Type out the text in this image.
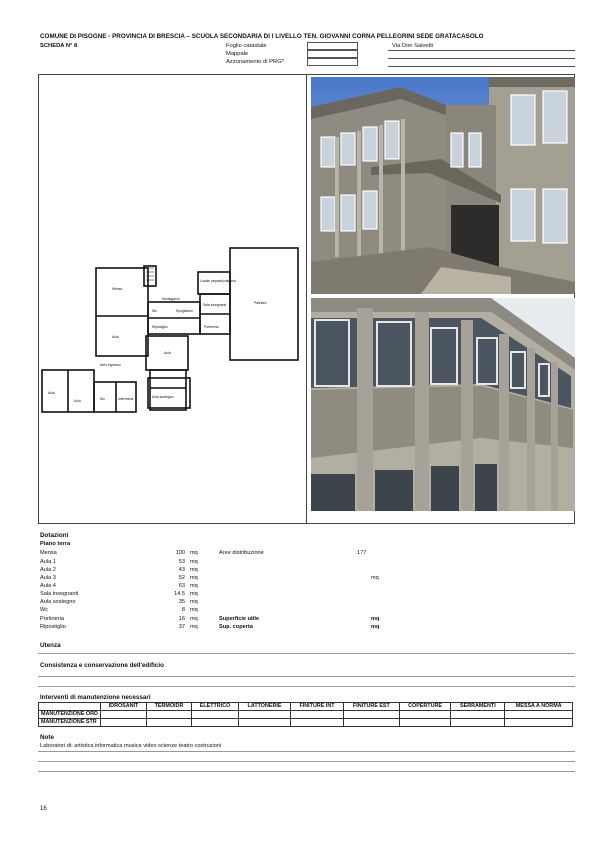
COMUNE DI PISOGNE - PROVINCIA DI BRESCIA – SCUOLA SECONDARIA DI I LIVELLO TEN. GIOVANNI CORNA PELLEGRINI SEDE GRATACASOLO
SCHEDA N° 8	Foglio catastale
Mappale
Azzonamento di PRG*
Via Don Salvetti
Mensa
Aula
Palestra
Montagarch
Wc	Spogliatoio
Ripostiglio
Sala insegnanti
Locale depositi palestra
Aula
Atrio ingresso
Aula sostegno
Portineria
Aula
Aula	Wc	Infermeria
Dotazioni
Piano terra
Mensa	100 mq
Aula 1	53 mq
Aula 2	43 mq
Aula 3	52 mq
Aula 4	63 mq
Sala insegnanti	14.5 mq
Aula sostegno	35 mq
Wc	8 mq
Portineria	16 mq
Ripostiglio	37 mq
Aree distribuzione	177
mq
Superficie utile	mq
Sup. coperta	mq
Utenza
Consistenza e conservazione dell'edificio
Interventi di manutenzione necessari
	IDROSANIT	TERMOIDR	ELETTRICO	LATTONERIE	FINITURE INT	FINITURE EST	COPERTURE	SERRAMENTI	MESSA A NORMA
MANUTENZIONE ORD									
MANUTENZIONE STR									
Note
Laboratori di: artistica informatica musica video scienze teatro costruzioni
16
